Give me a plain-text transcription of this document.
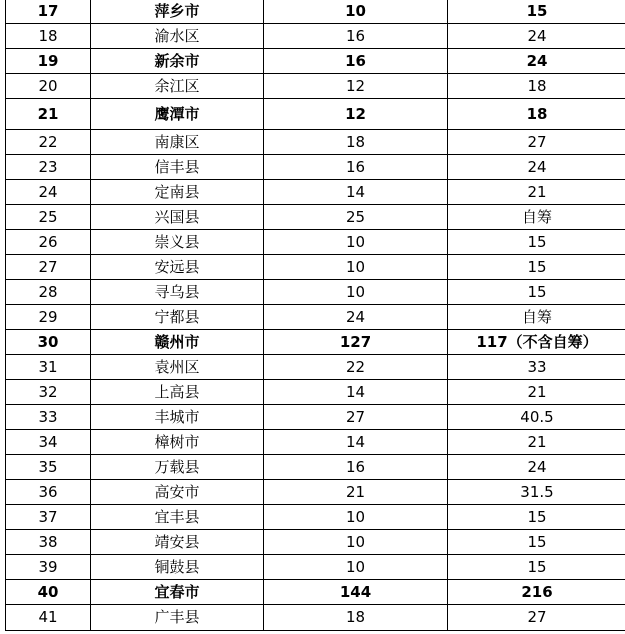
17	萍乡市	10	15
18	渝水区	16	24
19	新余市	16	24
20	余江区	12	18
21	鹰潭市	12	18
22	南康区	18	27
23	信丰县	16	24
24	定南县	14	21
25	兴国县	25	自筹
26	崇义县	10	15
27	安远县	10	15
28	寻乌县	10	15
29	宁都县	24	自筹
30	赣州市	127	117（不含自筹）
31	袁州区	22	33
32	上高县	14	21
33	丰城市	27	40.5
34	樟树市	14	21
35	万载县	16	24
36	高安市	21	31.5
37	宜丰县	10	15
38	靖安县	10	15
39	铜鼓县	10	15
40	宜春市	144	216
41	广丰县	18	27
